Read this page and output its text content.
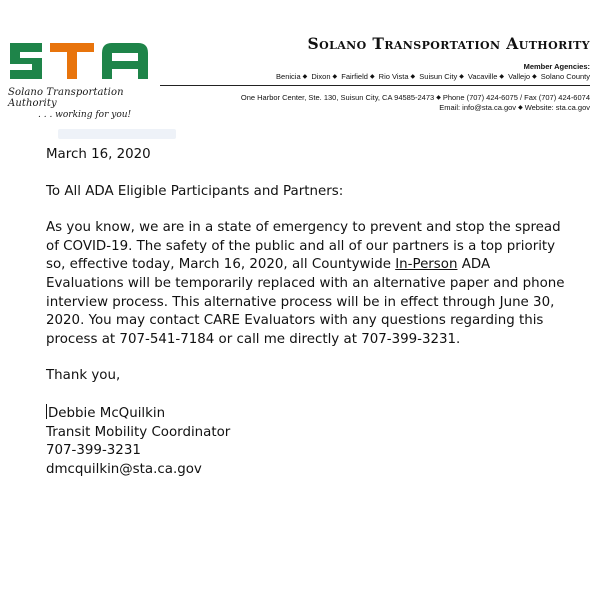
Solano Transportation Authority
. . . working for you!
Solano Transportation Authority
Member Agencies:
Benicia ◆ Dixon ◆ Fairfield ◆ Rio Vista ◆ Suisun City ◆ Vacaville ◆ Vallejo ◆ Solano County
One Harbor Center, Ste. 130, Suisun City, CA 94585-2473 ◆ Phone (707) 424-6075 / Fax (707) 424-6074
Email: info@sta.ca.gov ◆ Website: sta.ca.gov

March 16, 2020

To All ADA Eligible Participants and Partners:

As you know, we are in a state of emergency to prevent and stop the spread of COVID-19. The safety of the public and all of our partners is a top priority so, effective today, March 16, 2020, all Countywide In-Person ADA Evaluations will be temporarily replaced with an alternative paper and phone interview process. This alternative process will be in effect through June 30, 2020. You may contact CARE Evaluators with any questions regarding this process at 707-541-7184 or call me directly at 707-399-3231.

Thank you,

Debbie McQuilkin

Transit Mobility Coordinator

707-399-3231

dmcquilkin@sta.ca.gov
